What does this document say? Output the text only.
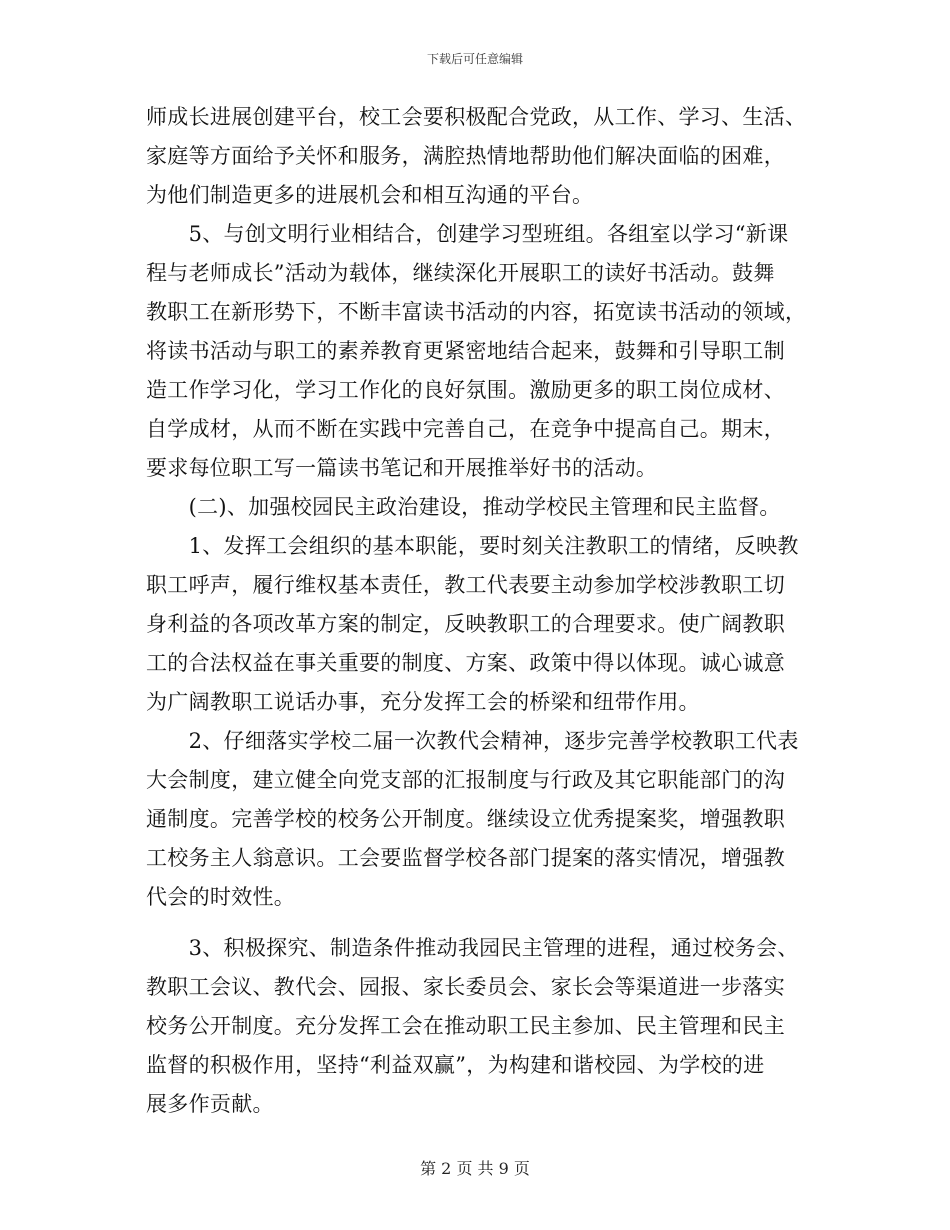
下载后可任意编辑
师成长进展创建平台，校工会要积极配合党政，从工作、学习、生活、
家庭等方面给予关怀和服务，满腔热情地帮助他们解决面临的困难，
为他们制造更多的进展机会和相互沟通的平台。
　　5、与创文明行业相结合，创建学习型班组。各组室以学习“新课
程与老师成长”活动为载体，继续深化开展职工的读好书活动。鼓舞
教职工在新形势下，不断丰富读书活动的内容，拓宽读书活动的领域，
将读书活动与职工的素养教育更紧密地结合起来，鼓舞和引导职工制
造工作学习化，学习工作化的良好氛围。激励更多的职工岗位成材、
自学成材，从而不断在实践中完善自己，在竞争中提高自己。期末，
要求每位职工写一篇读书笔记和开展推举好书的活动。
　　(二)、加强校园民主政治建设，推动学校民主管理和民主监督。
　　1、发挥工会组织的基本职能，要时刻关注教职工的情绪，反映教
职工呼声，履行维权基本责任，教工代表要主动参加学校涉教职工切
身利益的各项改革方案的制定，反映教职工的合理要求。使广阔教职
工的合法权益在事关重要的制度、方案、政策中得以体现。诚心诚意
为广阔教职工说话办事，充分发挥工会的桥梁和纽带作用。
　　2、仔细落实学校二届一次教代会精神，逐步完善学校教职工代表
大会制度，建立健全向党支部的汇报制度与行政及其它职能部门的沟
通制度。完善学校的校务公开制度。继续设立优秀提案奖，增强教职
工校务主人翁意识。工会要监督学校各部门提案的落实情况，增强教
代会的时效性。
　　3、积极探究、制造条件推动我园民主管理的进程，通过校务会、
教职工会议、教代会、园报、家长委员会、家长会等渠道进一步落实
校务公开制度。充分发挥工会在推动职工民主参加、民主管理和民主
监督的积极作用，坚持“利益双赢”，为构建和谐校园、为学校的进
展多作贡献。
第 2 页 共 9 页
